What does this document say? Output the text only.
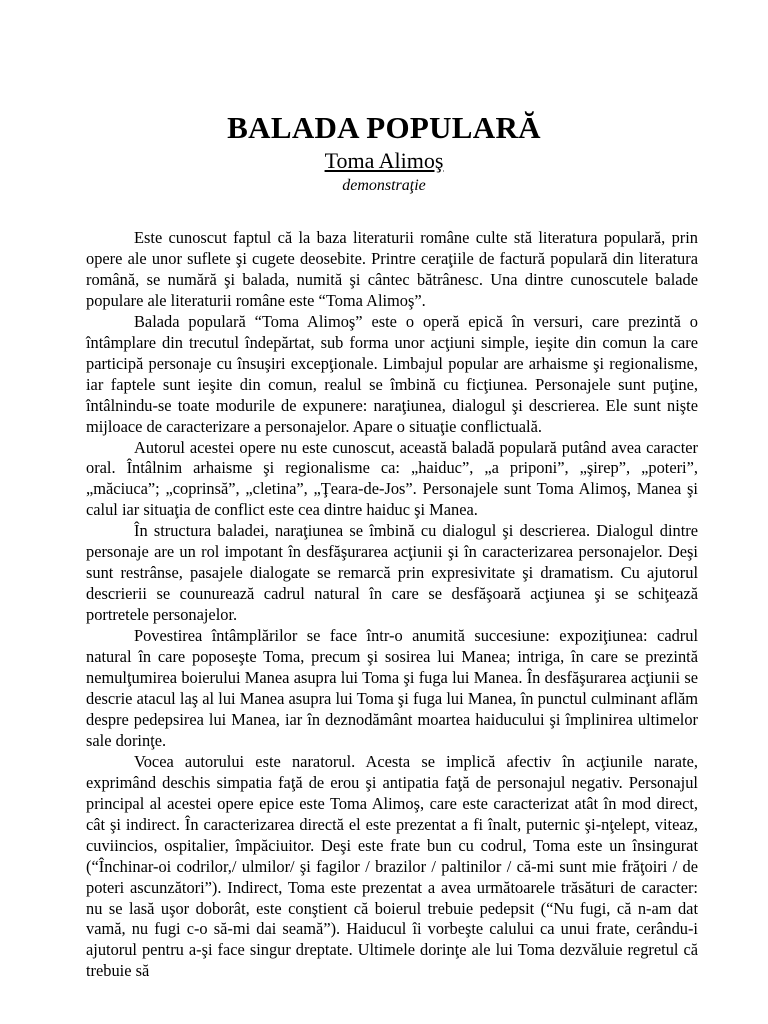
BALADA POPULARĂ
Toma Alimoş
demonstraţie

Este cunoscut faptul că la baza literaturii române culte stă literatura populară, prin opere ale unor suflete şi cugete deosebite. Printre ceraţiile de factură populară din literatura română, se numără şi balada, numită şi cântec bătrânesc. Una dintre cunoscutele balade populare ale literaturii române este “Toma Alimoş”.

Balada populară “Toma Alimoş” este o operă epică în versuri, care prezintă o întâmplare din trecutul îndepărtat, sub forma unor acţiuni simple, ieşite din comun la care participă personaje cu însuşiri excepţionale. Limbajul popular are arhaisme şi regionalisme, iar faptele sunt ieşite din comun, realul se îmbină cu ficţiunea. Personajele sunt puţine, întâlnindu-se toate modurile de expunere: naraţiunea, dialogul şi descrierea. Ele sunt nişte mijloace de caracterizare a personajelor. Apare o situaţie conflictuală.

Autorul acestei opere nu este cunoscut, această baladă populară putând avea caracter oral. Întâlnim arhaisme şi regionalisme ca: „haiduc”, „a priponi”, „şirep”, „poteri”, „măciuca”; „coprinsă”, „cletina”, „Ţeara-de-Jos”. Personajele sunt Toma Alimoş, Manea şi calul iar situaţia de conflict este cea dintre haiduc şi Manea.

În structura baladei, naraţiunea se îmbină cu dialogul şi descrierea. Dialogul dintre personaje are un rol impotant în desfăşurarea acţiunii şi în caracterizarea personajelor. Deşi sunt restrânse, pasajele dialogate se remarcă prin expresivitate şi dramatism. Cu ajutorul descrierii se counurează cadrul natural în care se desfăşoară acţiunea şi se schiţează portretele personajelor.

Povestirea întâmplărilor se face într-o anumită succesiune: expoziţiunea: cadrul natural în care poposeşte Toma, precum şi sosirea lui Manea; intriga, în care se prezintă nemulţumirea boierului Manea asupra lui Toma şi fuga lui Manea. În desfăşurarea acţiunii se descrie atacul laş al lui Manea asupra lui Toma şi fuga lui Manea, în punctul culminant aflăm despre pedepsirea lui Manea, iar în deznodământ moartea haiducului şi împlinirea ultimelor sale dorinţe.

Vocea autorului este naratorul. Acesta se implică afectiv în acţiunile narate, exprimând deschis simpatia faţă de erou şi antipatia faţă de personajul negativ. Personajul principal al acestei opere epice este Toma Alimoş, care este caracterizat atât în mod direct, cât şi indirect. În caracterizarea directă el este prezentat a fi înalt, puternic şi-nţelept, viteaz, cuviincios, ospitalier, împăciuitor. Deşi este frate bun cu codrul, Toma este un însingurat (“Închinar-oi codrilor,/ ulmilor/ şi fagilor / brazilor / paltinilor / că-mi sunt mie frăţoiri / de poteri ascunzători”). Indirect, Toma este prezentat a avea următoarele trăsături de caracter: nu se lasă uşor doborât, este conştient că boierul trebuie pedepsit (“Nu fugi, că n-am dat vamă, nu fugi c-o să-mi dai seamă”). Haiducul îi vorbeşte calului ca unui frate, cerându-i ajutorul pentru a-şi face singur dreptate. Ultimele dorinţe ale lui Toma dezvăluie regretul că trebuie să
